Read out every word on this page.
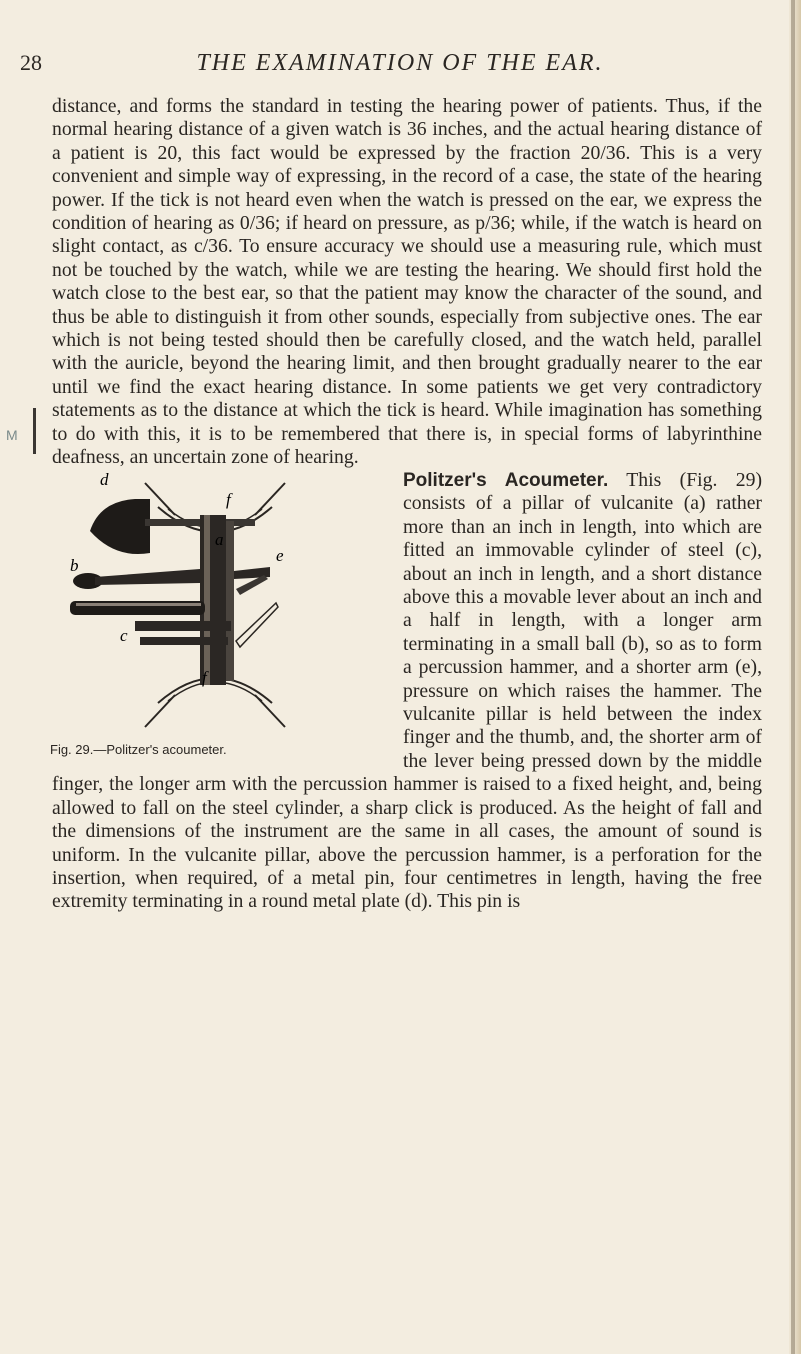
28	THE EXAMINATION OF THE EAR.
M
distance, and forms the standard in testing the hearing power of patients. Thus, if the normal hearing distance of a given watch is 36 inches, and the actual hearing distance of a patient is 20, this fact would be expressed by the fraction 20/36. This is a very convenient and simple way of expressing, in the record of a case, the state of the hearing power. If the tick is not heard even when the watch is pressed on the ear, we express the condition of hearing as 0/36; if heard on pressure, as p/36; while, if the watch is heard on slight contact, as c/36. To ensure accuracy we should use a measuring rule, which must not be touched by the watch, while we are testing the hearing. We should first hold the watch close to the best ear, so that the patient may know the character of the sound, and thus be able to distinguish it from other sounds, especially from subjective ones. The ear which is not being tested should then be carefully closed, and the watch held, parallel with the auricle, beyond the hearing limit, and then brought gradually nearer to the ear until we find the exact hearing distance. In some patients we get very contradictory statements as to the distance at which the tick is heard. While imagination has something to do with this, it is to be remembered that there is, in special forms of labyrinthine deafness, an uncertain zone of hearing.
d
f
a
b
e
c
f
Fig. 29.—Politzer's acoumeter.
Politzer's Acoumeter. This (Fig. 29) consists of a pillar of vulcanite (a) rather more than an inch in length, into which are fitted an immovable cylinder of steel (c), about an inch in length, and a short distance above this a movable lever about an inch and a half in length, with a longer arm terminating in a small ball (b), so as to form a percussion hammer, and a shorter arm (e), pressure on which raises the hammer. The vulcanite pillar is held between the index finger and the thumb, and, the shorter arm of the lever being pressed down by the middle finger, the longer arm with the percussion hammer is raised to a fixed height, and, being allowed to fall on the steel cylinder, a sharp click is produced. As the height of fall and the dimensions of the instrument are the same in all cases, the amount of sound is uniform. In the vulcanite pillar, above the percussion hammer, is a perforation for the insertion, when required, of a metal pin, four centimetres in length, having the free extremity terminating in a round metal plate (d). This pin is
